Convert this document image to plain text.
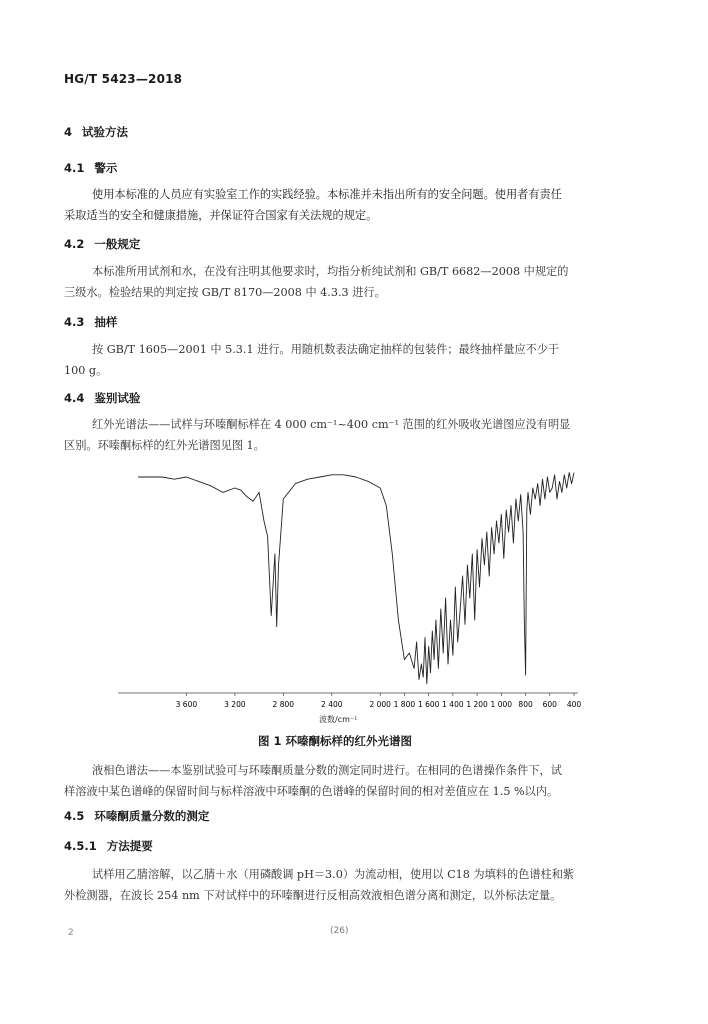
HG/T 5423—2018
4 试验方法
4.1 警示
使用本标准的人员应有实验室工作的实践经验。本标准并未指出所有的安全问题。使用者有责任
采取适当的安全和健康措施，并保证符合国家有关法规的规定。
4.2 一般规定
本标准所用试剂和水，在没有注明其他要求时，均指分析纯试剂和 GB/T 6682—2008 中规定的
三级水。检验结果的判定按 GB/T 8170—2008 中 4.3.3 进行。
4.3 抽样
按 GB/T 1605—2001 中 5.3.1 进行。用随机数表法确定抽样的包装件；最终抽样量应不少于
100 g。
4.4 鉴别试验
红外光谱法——试样与环嗪酮标样在 4 000 cm⁻¹~400 cm⁻¹ 范围的红外吸收光谱图应没有明显
区别。环嗪酮标样的红外光谱图见图 1。
3 600	3 200	2 800	2 400	2 000 1 800 1 600 1 400 1 200 1 000 800 600 400
波数/cm⁻¹
图 1 环嗪酮标样的红外光谱图
液相色谱法——本鉴别试验可与环嗪酮质量分数的测定同时进行。在相同的色谱操作条件下，试
样溶液中某色谱峰的保留时间与标样溶液中环嗪酮的色谱峰的保留时间的相对差值应在 1.5 %以内。
4.5 环嗪酮质量分数的测定
4.5.1 方法提要
试样用乙腈溶解，以乙腈＋水（用磷酸调 pH＝3.0）为流动相，使用以 C18 为填料的色谱柱和紫
外检测器，在波长 254 nm 下对试样中的环嗪酮进行反相高效液相色谱分离和测定，以外标法定量。
2	(26)
